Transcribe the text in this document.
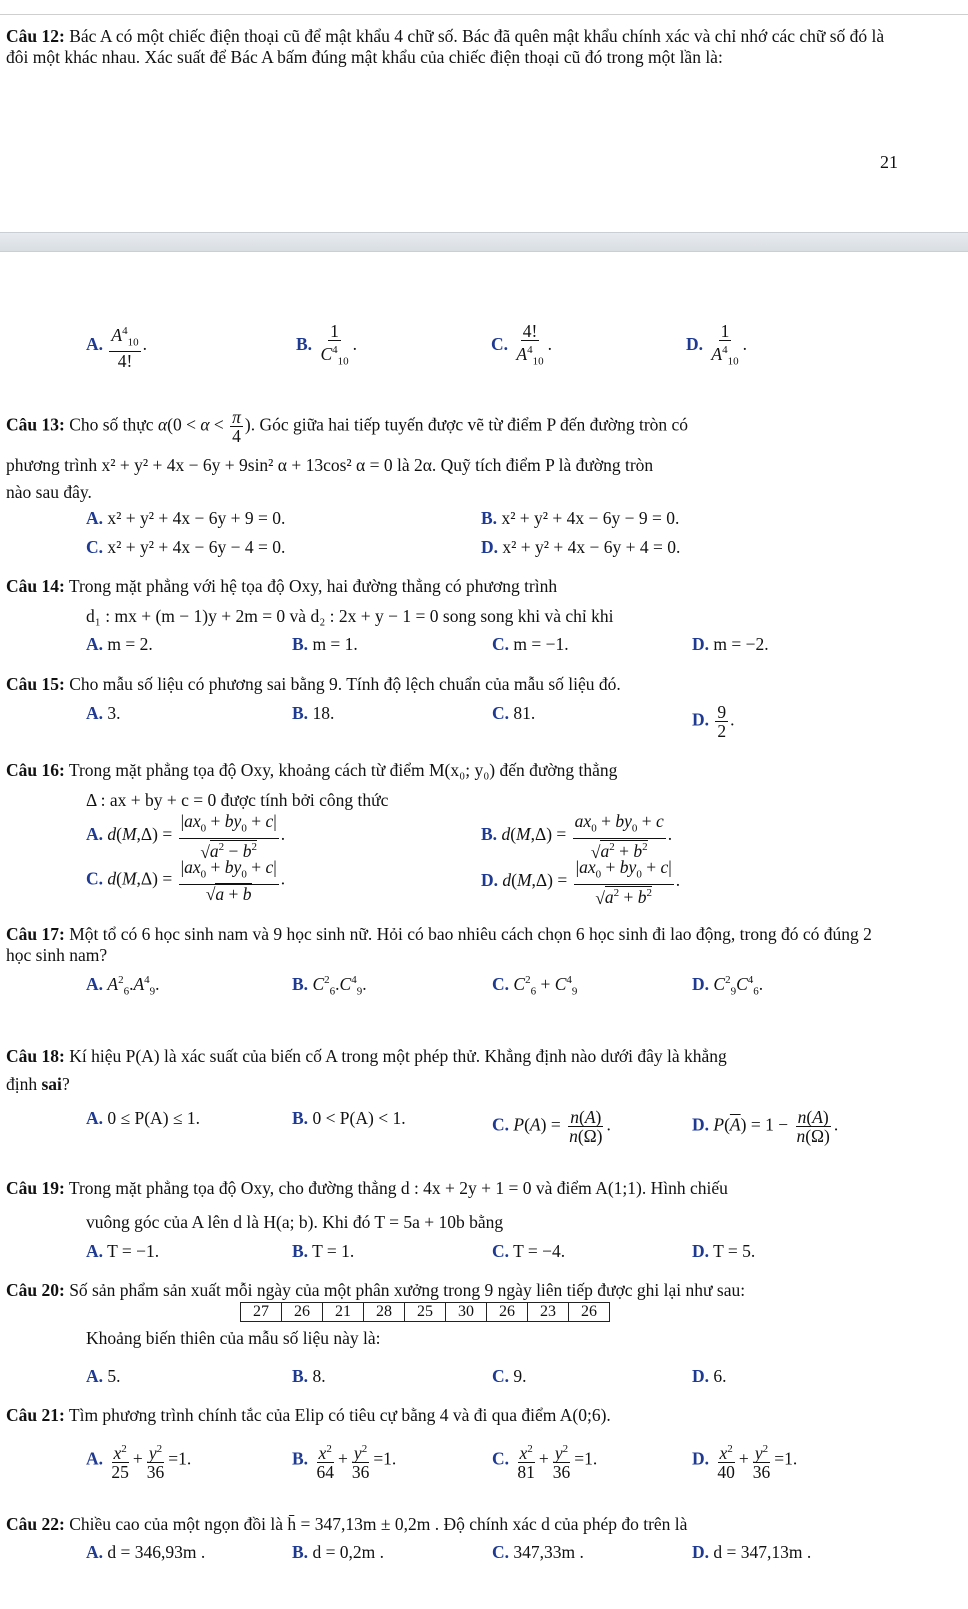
Câu 12: Bác A có một chiếc điện thoại cũ để mật khẩu 4 chữ số. Bác đã quên mật khẩu chính xác và chỉ nhớ các chữ số đó là đôi một khác nhau. Xác suất để Bác A bấm đúng mật khẩu của chiếc điện thoại cũ đó trong một lần là:
21
A. $\frac{A^4_{10}}{4!}$ .	B. $\frac{1}{C^4_{10}}$ .	C. $\frac{4!}{A^4_{10}}$ .	D. $\frac{1}{A^4_{10}}$ .
Câu 13: Cho số thực $\alpha(0 < \alpha < \frac{\pi}{4}$ ). Góc giữa hai tiếp tuyến được vẽ từ điểm P đến đường tròn có
phương trình x² + y² + 4x − 6y + 9sin² α + 13cos² α = 0 là 2α. Quỹ tích điểm P là đường tròn
nào sau đây.
A. x² + y² + 4x − 6y + 9 = 0.	B. x² + y² + 4x − 6y − 9 = 0.
C. x² + y² + 4x − 6y − 4 = 0.	D. x² + y² + 4x − 6y + 4 = 0.
Câu 14: Trong mặt phẳng với hệ tọa độ Oxy, hai đường thẳng có phương trình
d₁ : mx + (m − 1)y + 2m = 0 và d₂ : 2x + y − 1 = 0 song song khi và chỉ khi
A. m = 2.	B. m = 1.	C. m = −1.	D. m = −2.
Câu 15: Cho mẫu số liệu có phương sai bằng 9. Tính độ lệch chuẩn của mẫu số liệu đó.
A. 3.	B. 18.	C. 81.	D. $\frac{9}{2}$ .
Câu 16: Trong mặt phẳng tọa độ Oxy, khoảng cách từ điểm M(x₀; y₀) đến đường thẳng
Δ : ax + by + c = 0 được tính bởi công thức
A. $d(M,\Delta) = \frac{|ax_0 + by_0 + c|}{√a^2 - b^2}$ .	B. $d(M,\Delta) = \frac{ax_0 + by_0 + c}{√a^2 + b^2}$ .
C. $d(M,\Delta) = \frac{|ax_0 + by_0 + c|}{√a + b}$ .	D. $d(M,\Delta) = \frac{|ax_0 + by_0 + c|}{√a^2 + b^2}$ .
Câu 17: Một tổ có 6 học sinh nam và 9 học sinh nữ. Hỏi có bao nhiêu cách chọn 6 học sinh đi lao động, trong đó có đúng 2 học sinh nam?
A. $A^2_6.A^4_9$.	B. $C^2_6.C^4_9$.	C. $C^2_6 + C^4_9$	D. $C^2_9C^4_6$.
Câu 18: Kí hiệu P(A) là xác suất của biến cố A trong một phép thử. Khẳng định nào dưới đây là khẳng
định sai?
A. 0 ≤ P(A) ≤ 1.	B. 0 < P(A) < 1.	C. $P(A) = \frac{n(A)}{n(\Omega)}$ .	D. $P(\overline{A}) = 1 - \frac{n(A)}{n(\Omega)}$ .
Câu 19: Trong mặt phẳng tọa độ Oxy, cho đường thẳng d : 4x + 2y + 1 = 0 và điểm A(1;1). Hình chiếu
vuông góc của A lên d là H(a; b). Khi đó T = 5a + 10b bằng
A. T = −1.	B. T = 1.	C. T = −4.	D. T = 5.
Câu 20: Số sản phẩm sản xuất mỗi ngày của một phân xưởng trong 9 ngày liên tiếp được ghi lại như sau:
27	26	21	28	25	30	26	23	26
Khoảng biến thiên của mẫu số liệu này là:
A. 5.	B. 8.	C. 9.	D. 6.
Câu 21: Tìm phương trình chính tắc của Elip có tiêu cự bằng 4 và đi qua điểm A(0;6).
A. $\frac{x^2}{25} + \frac{y^2}{36} =1$.	B. $\frac{x^2}{64} + \frac{y^2}{36} =1$.	C. $\frac{x^2}{81} + \frac{y^2}{36} =1$.	D. $\frac{x^2}{40} + \frac{y^2}{36} =1$.
Câu 22: Chiều cao của một ngọn đồi là h̄ = 347,13m ± 0,2m . Độ chính xác d của phép đo trên là
A. d = 346,93m .	B. d = 0,2m .	C. 347,33m .	D. d = 347,13m .
